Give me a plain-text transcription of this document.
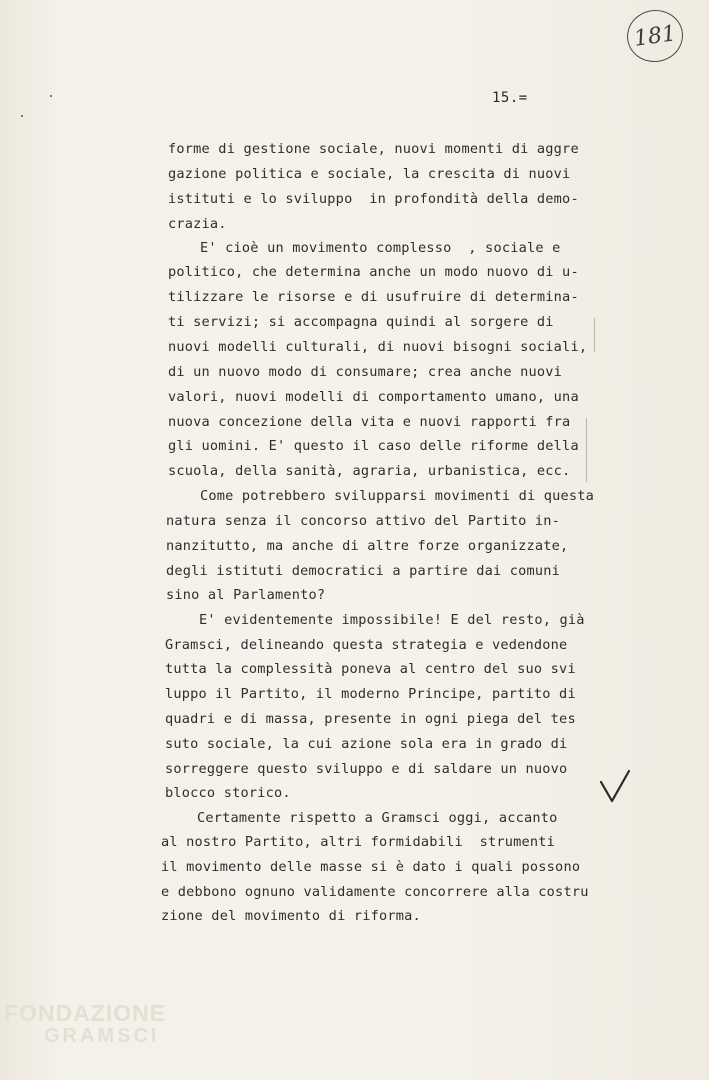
181
15.=
forme di gestione sociale, nuovi momenti di aggre
gazione politica e sociale, la crescita di nuovi
istituti e lo sviluppo  in profondità della demo-
crazia.
E' cioè un movimento complesso  , sociale e
politico, che determina anche un modo nuovo di u-
tilizzare le risorse e di usufruire di determina-
ti servizi; si accompagna quindi al sorgere di
nuovi modelli culturali, di nuovi bisogni sociali,
di un nuovo modo di consumare; crea anche nuovi
valori, nuovi modelli di comportamento umano, una
nuova concezione della vita e nuovi rapporti fra
gli uomini. E' questo il caso delle riforme della
scuola, della sanità, agraria, urbanistica, ecc.
Come potrebbero svilupparsi movimenti di questa
natura senza il concorso attivo del Partito in-
nanzitutto, ma anche di altre forze organizzate,
degli istituti democratici a partire dai comuni
sino al Parlamento?
E' evidentemente impossibile! E del resto, già
Gramsci, delineando questa strategia e vedendone
tutta la complessità poneva al centro del suo svi
luppo il Partito, il moderno Principe, partito di
quadri e di massa, presente in ogni piega del tes
suto sociale, la cui azione sola era in grado di
sorreggere questo sviluppo e di saldare un nuovo
blocco storico.
Certamente rispetto a Gramsci oggi, accanto
al nostro Partito, altri formidabili  strumenti
il movimento delle masse si è dato i quali possono
e debbono ognuno validamente concorrere alla costru
zione del movimento di riforma.
FONDAZIONE
GRAMSCI
